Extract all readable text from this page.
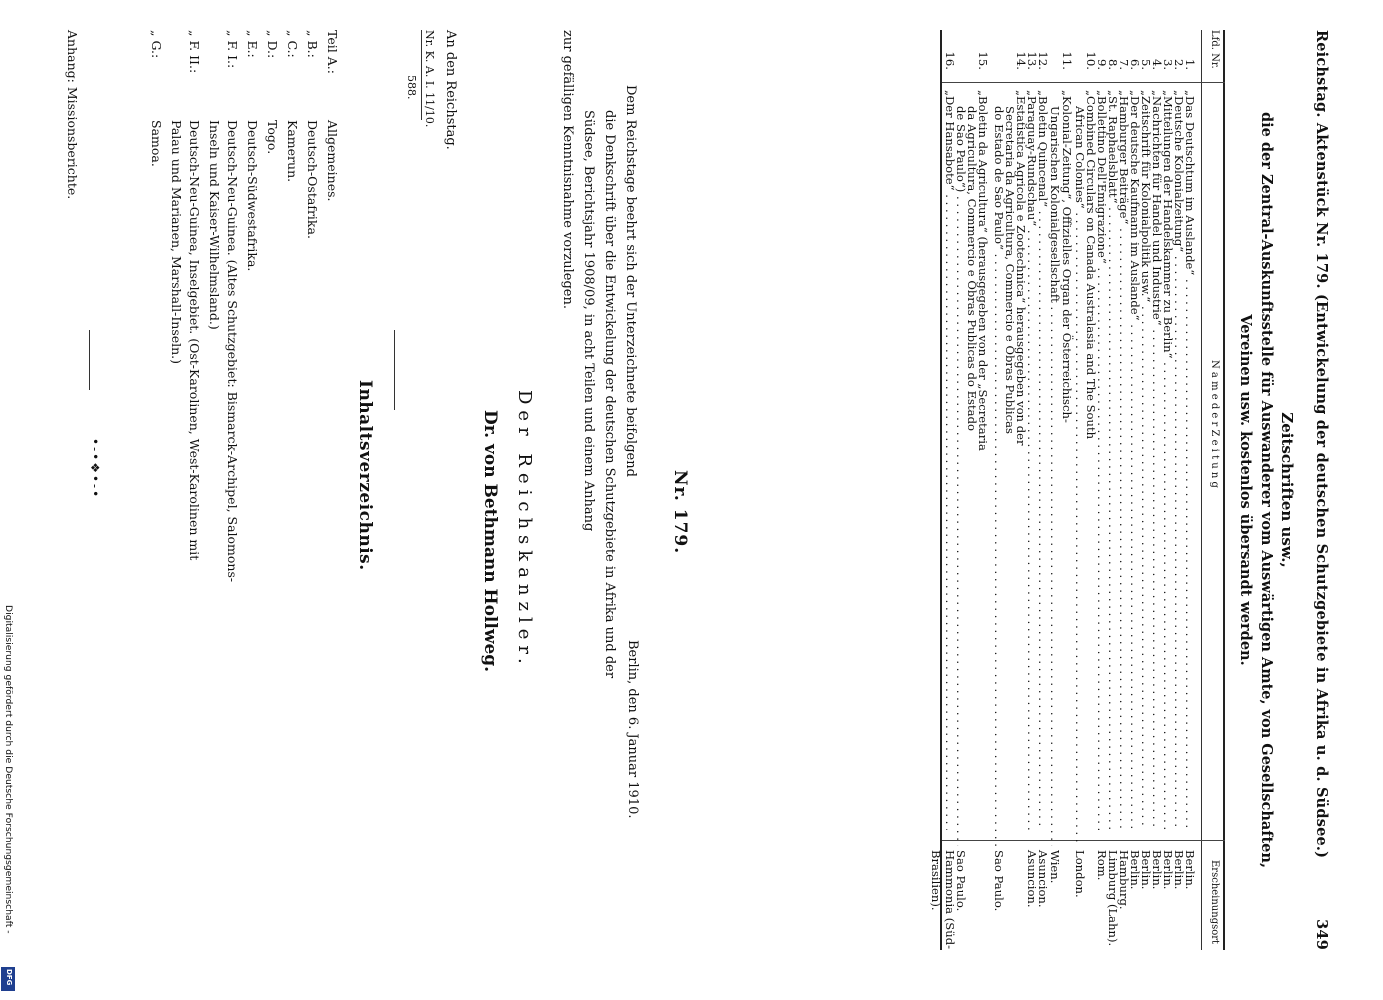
Reichstag. Aktenstück Nr. 179. (Entwickelung der deutschen Schutzgebiete in Afrika u. d. Südsee.)
349
Zeitschriften usw.,
die der Zentral-Auskunftsstelle für Auswanderer vom Auswärtigen Amte, von Gesellschaften,
Vereinen usw. kostenlos übersandt werden.
Lfd. Nr.
N a m e d e r Z e i t u n g
Erscheinungsort
1.
„Das Deutschtum im Auslande“ . . .
Berlin.
2.
„Deutsche Kolonialzeitung“ . . .
Berlin.
3.
„Mitteilungen der Handelskammer zu Berlin“ . . .
Berlin.
4.
„Nachrichten für Handel und Industrie“ . . .
Berlin.
5.
„Zeitschrift für Kolonialpolitik usw.“ . . .
Berlin.
6.
„Der deutsche Kaufmann im Auslande“ . . .
Berlin.
7.
„Hamburger Beiträge“ . . .
Hamburg.
8.
„St. Raphaelsblatt“ . . .
Limburg (Lahn).
9.
„Bollettino Dell'Emigrazione“ . . .
Rom.
10.
„Combined Circulars on Canada Australasia and The South
London.
African Colonies“ . . .
11.
„Kolonial-Zeitung“, Offizielles Organ der Österreichisch-
Wien.
Ungarischen Kolonialgesellschaft . . .
12.
„Boletin Quincenal“ . . .
Asuncion.
13.
„Paraguay-Rundschau“ . . .
Asuncion.
14.
„Estatistica Agricola e Zootechnica“ herausgegeben von der
Secretaria da Agricultura, Commercio e Obras Publicas
do Estado de Sao Paulo“ . . .
Sao Paulo.
15.
„Boletin da Agricultura“ (herausgegeben von der „Secretaria
da Agricultura, Commercio e Obras Publicas do Estado
de Sao Paulo“) . . .
Sao Paulo.
16.
„Der Hansabote“ . . .
Hammonia (Süd-Brasilien).
Nr. 179.
Berlin, den 6. Januar 1910.
Dem Reichstage beehrt sich der Unterzeichnete beifolgend
die Denkschrift über die Entwickelung der deutschen Schutzgebiete in Afrika und der
Südsee, Berichtsjahr 1908/09, in acht Teilen und einem Anhang
zur gefälligen Kenntnisnahme vorzulegen.
Der Reichskanzler.
Dr. von Bethmann Hollweg.
An den Reichstag.
Nr. K. A. I. 11/10.
588.
Inhaltsverzeichnis.
Teil A.:
Allgemeines.
„ B.:
Deutsch-Ostafrika.
„ C.:
Kamerun.
„ D.:
Togo.
„ E.:
Deutsch-Südwestafrika.
„ F. I.:
Deutsch-Neu-Guinea. (Altes Schutzgebiet: Bismarck-Archipel, Salomons-
Inseln und Kaiser-Wilhelmsland.)
„ F. II.:
Deutsch-Neu-Guinea, Inselgebiet. (Ost-Karolinen, West-Karolinen mit
Palau und Marianen, Marshall-Inseln.)
„ G.:
Samoa.
Anhang: Missionsberichte.
•-•❖•-•
Digitalisierung gefördert durch die Deutsche Forschungsgemeinschaft -
DFG
